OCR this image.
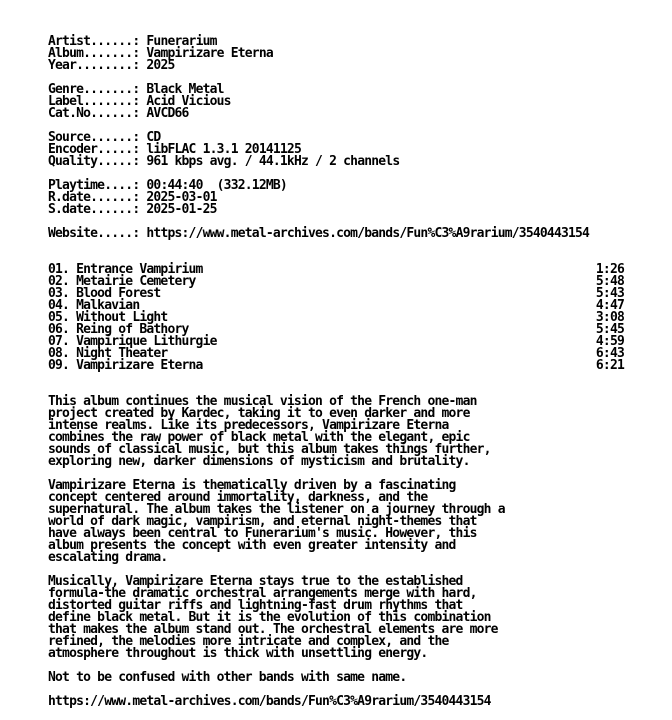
Artist......: Funerarium
Album.......: Vampirizare Eterna
Year........: 2025
Genre.......: Black Metal
Label.......: Acid Vicious
Cat.No......: AVCD66
Source......: CD
Encoder.....: libFLAC 1.3.1 20141125
Quality.....: 961 kbps avg. / 44.1kHz / 2 channels
Playtime....: 00:44:40  (332.12MB)
R.date......: 2025-03-01
S.date......: 2025-01-25
Website.....: https://www.metal-archives.com/bands/Fun%C3%A9rarium/3540443154
01. Entrance Vampirium	1:26
02. Metairie Cemetery	5:48
03. Blood Forest	5:43
04. Malkavian	4:47
05. Without Light	3:08
06. Reing of Bathory	5:45
07. Vampirique Lithurgie	4:59
08. Night Theater	6:43
09. Vampirizare Eterna	6:21
This album continues the musical vision of the French one-man
project created by Kardec, taking it to even darker and more
intense realms. Like its predecessors, Vampirizare Eterna
combines the raw power of black metal with the elegant, epic
sounds of classical music, but this album takes things further,
exploring new, darker dimensions of mysticism and brutality.
Vampirizare Eterna is thematically driven by a fascinating
concept centered around immortality, darkness, and the
supernatural. The album takes the listener on a journey through a
world of dark magic, vampirism, and eternal night-themes that
have always been central to Funerarium's music. However, this
album presents the concept with even greater intensity and
escalating drama.
Musically, Vampirizare Eterna stays true to the established
formula-the dramatic orchestral arrangements merge with hard,
distorted guitar riffs and lightning-fast drum rhythms that
define black metal. But it is the evolution of this combination
that makes the album stand out. The orchestral elements are more
refined, the melodies more intricate and complex, and the
atmosphere throughout is thick with unsettling energy.
Not to be confused with other bands with same name.
https://www.metal-archives.com/bands/Fun%C3%A9rarium/3540443154
